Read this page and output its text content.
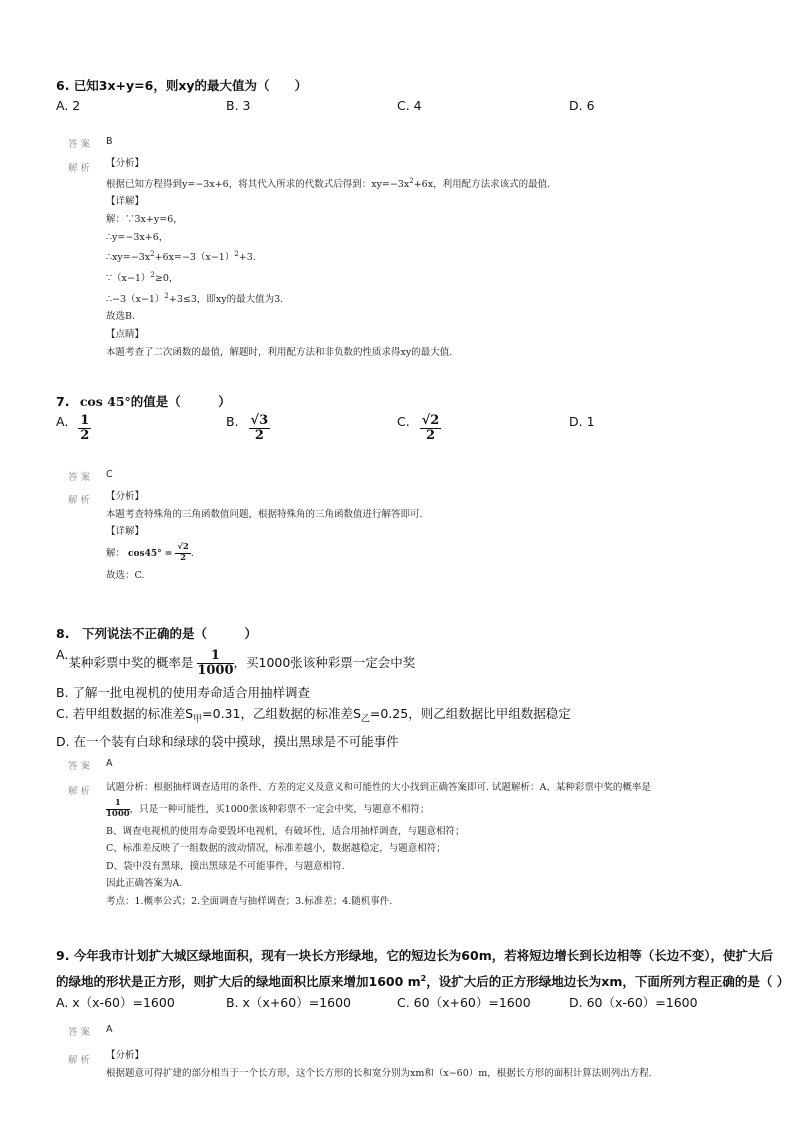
6. 已知3x+y=6，则xy的最大值为（　　）
A. 2	B. 3	C. 4	D. 6
答案 B
解析 【分析】
根据已知方程得到y=−3x+6，将其代入所求的代数式后得到：$xy=-3x^2+6x$，利用配方法求该式的最值.
【详解】
解：∵3x+y=6，
∴y=−3x+6，
$\therefore xy=-3x^2+6x=-3(x-1)^2+3$.
$\because(x-1)^2\ge 0$，
$\therefore-3(x-1)^2+3\le 3$，即xy的最大值为3.
故选B.
【点睛】
本题考查了二次函数的最值，解题时，利用配方法和非负数的性质求得xy的最大值.
7. cos 45°的值是（　　　）
A. $\frac{1}{2}$	B. $\frac{√3}{2}$	C. $\frac{√2}{2}$	D. 1
答案 C
解析 【分析】
本题考查特殊角的三角函数值问题，根据特殊角的三角函数值进行解答即可.
【详解】
解： $\cos 45^\circ = \frac{√2}{2}$ .
故选：C.
8.　下列说法不正确的是（　　　）
A.某种彩票中奖的概率是 $\frac{1}{1000}$ ，买1000张该种彩票一定会中奖
B. 了解一批电视机的使用寿命适合用抽样调查
C. 若甲组数据的标准差$S_甲=0.31$，乙组数据的标准差$S_乙=0.25$，则乙组数据比甲组数据稳定
D. 在一个装有白球和绿球的袋中摸球，摸出黑球是不可能事件
答案 A
解析 试题分析：根据抽样调查适用的条件、方差的定义及意义和可能性的大小找到正确答案即可. 试题解析：A、某种彩票中奖的概率是
$\frac{1}{1000}$ ，只是一种可能性，买1000张该种彩票不一定会中奖，与题意不相符；
B、调查电视机的使用寿命要毁坏电视机，有破坏性，适合用抽样调查，与题意相符；
C、标准差反映了一组数据的波动情况，标准差越小，数据越稳定，与题意相符；
D、袋中没有黑球，摸出黑球是不可能事件，与题意相符.
因此正确答案为A.
考点：1.概率公式；2.全面调查与抽样调查；3.标准差；4.随机事件.
9. 今年我市计划扩大城区绿地面积，现有一块长方形绿地，它的短边长为60m，若将短边增长到长边相等（长边不变），使扩大后
的绿地的形状是正方形，则扩大后的绿地面积比原来增加1600 $m^2$，设扩大后的正方形绿地边长为xm，下面所列方程正确的是（ ）
A. x（x-60）=1600	B. x（x+60）=1600	C. 60（x+60）=1600	D. 60（x-60）=1600
答案 A
解析 【分析】
根据题意可得扩建的部分相当于一个长方形，这个长方形的长和宽分别为xm和（x−60）m，根据长方形的面积计算法则列出方程.
